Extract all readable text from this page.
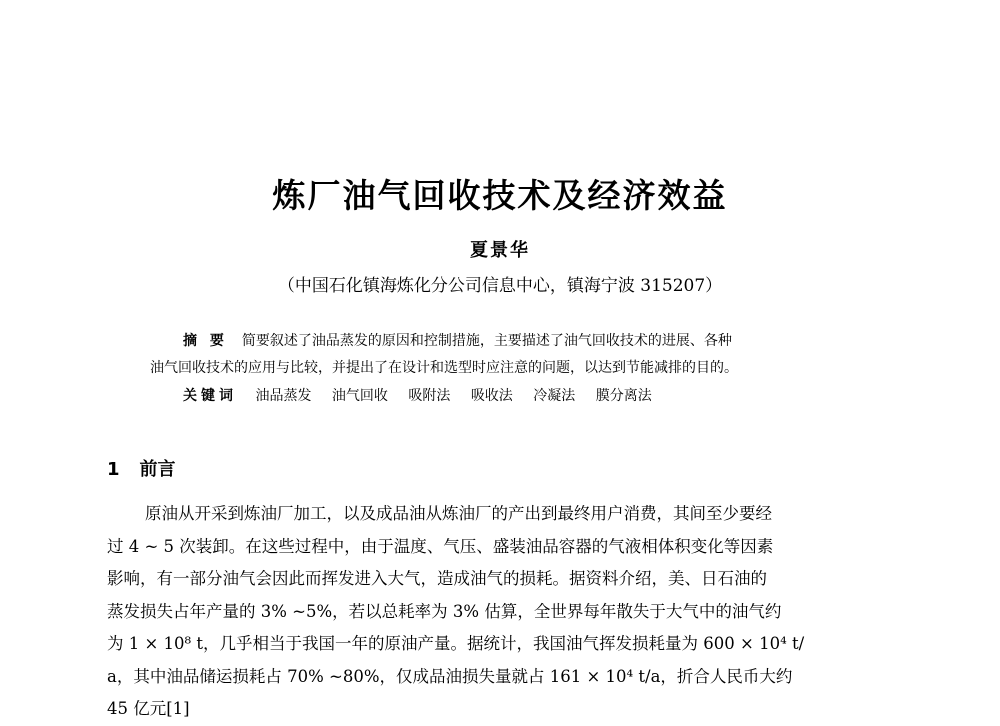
炼厂油气回收技术及经济效益
夏景华
（中国石化镇海炼化分公司信息中心，镇海宁波 315207）
摘 要 简要叙述了油品蒸发的原因和控制措施，主要描述了油气回收技术的进展、各种
油气回收技术的应用与比较，并提出了在设计和选型时应注意的问题，以达到节能减排的目的。
关键词 油品蒸发 油气回收 吸附法 吸收法 冷凝法 膜分离法
1 前言
原油从开采到炼油厂加工，以及成品油从炼油厂的产出到最终用户消费，其间至少要经
过 4 ~ 5 次装卸。在这些过程中，由于温度、气压、盛装油品容器的气液相体积变化等因素
影响，有一部分油气会因此而挥发进入大气，造成油气的损耗。据资料介绍，美、日石油的
蒸发损失占年产量的 3% ~5%，若以总耗率为 3% 估算，全世界每年散失于大气中的油气约
为 1 × 10⁸ t，几乎相当于我国一年的原油产量。据统计，我国油气挥发损耗量为 600 × 10⁴ t/
a，其中油品储运损耗占 70% ~80%，仅成品油损失量就占 161 × 10⁴ t/a，折合人民币大约
45 亿元[1]
